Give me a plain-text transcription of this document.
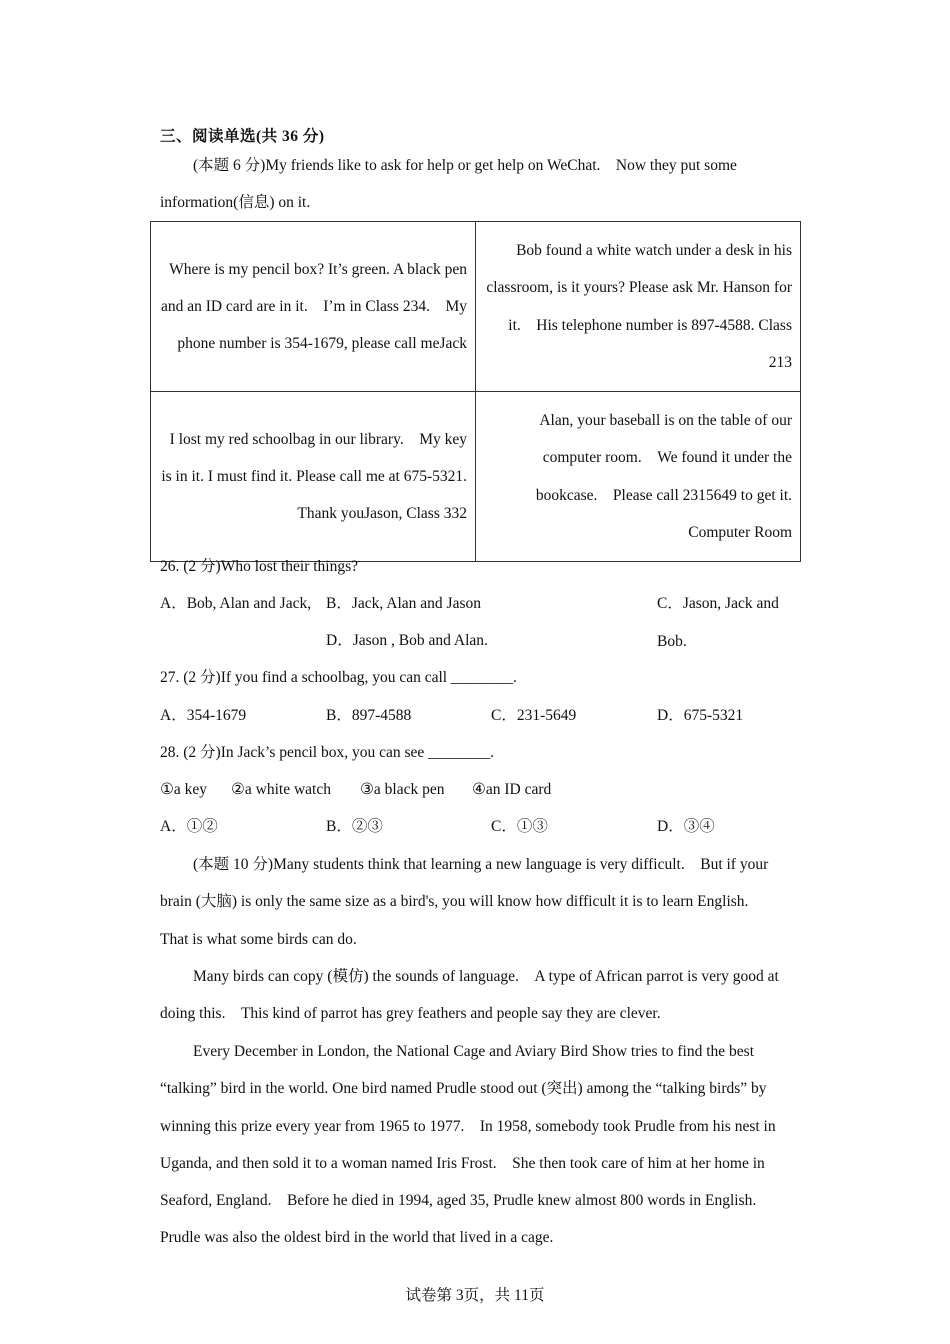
三、阅读单选(共 36 分)

(本题 6 分)My friends like to ask for help or get help on WeChat.　Now they put some information(信息) on it.

Where is my pencil box? It’s green. A black pen and an ID card are in it.　I’m in Class 234.　My phone number is 354-1679, please call meJack	Bob found a white watch under a desk in his classroom, is it yours? Please ask Mr. Hanson for it.　His telephone number is 897-4588. Class 213
I lost my red schoolbag in our library.　My key is in it. I must find it. Please call me at 675-5321.　Thank youJason, Class 332	Alan, your baseball is on the table of our computer room.　We found it under the bookcase.　Please call 2315649 to get it. Computer Room
26. (2 分)Who lost their things?
A．Bob, Alan and Jack, B．Jack, Alan and Jason	C．Jason, Jack and Bob.
D．Jason , Bob and Alan.
27. (2 分)If you find a schoolbag, you can call ________.
A．354-1679	B．897-4588	C．231-5649	D．675-5321
28. (2 分)In Jack’s pencil box, you can see ________.
①a key ②a white watch ③a black pen ④an ID card
A．①②	B．②③	C．①③	D．③④

(本题 10 分)Many students think that learning a new language is very difficult.　But if your brain (大脑) is only the same size as a bird's, you will know how difficult it is to learn English.　That is what some birds can do.

Many birds can copy (模仿) the sounds of language.　A type of African parrot is very good at doing this.　This kind of parrot has grey feathers and people say they are clever.

Every December in London, the National Cage and Aviary Bird Show tries to find the best “talking” bird in the world. One bird named Prudle stood out (突出) among the “talking birds” by winning this prize every year from 1965 to 1977.　In 1958, somebody took Prudle from his nest in Uganda, and then sold it to a woman named Iris Frost.　She then took care of him at her home in Seaford, England.　Before he died in 1994, aged 35, Prudle knew almost 800 words in English.　Prudle was also the oldest bird in the world that lived in a cage.

试卷第 3页，共 11页
